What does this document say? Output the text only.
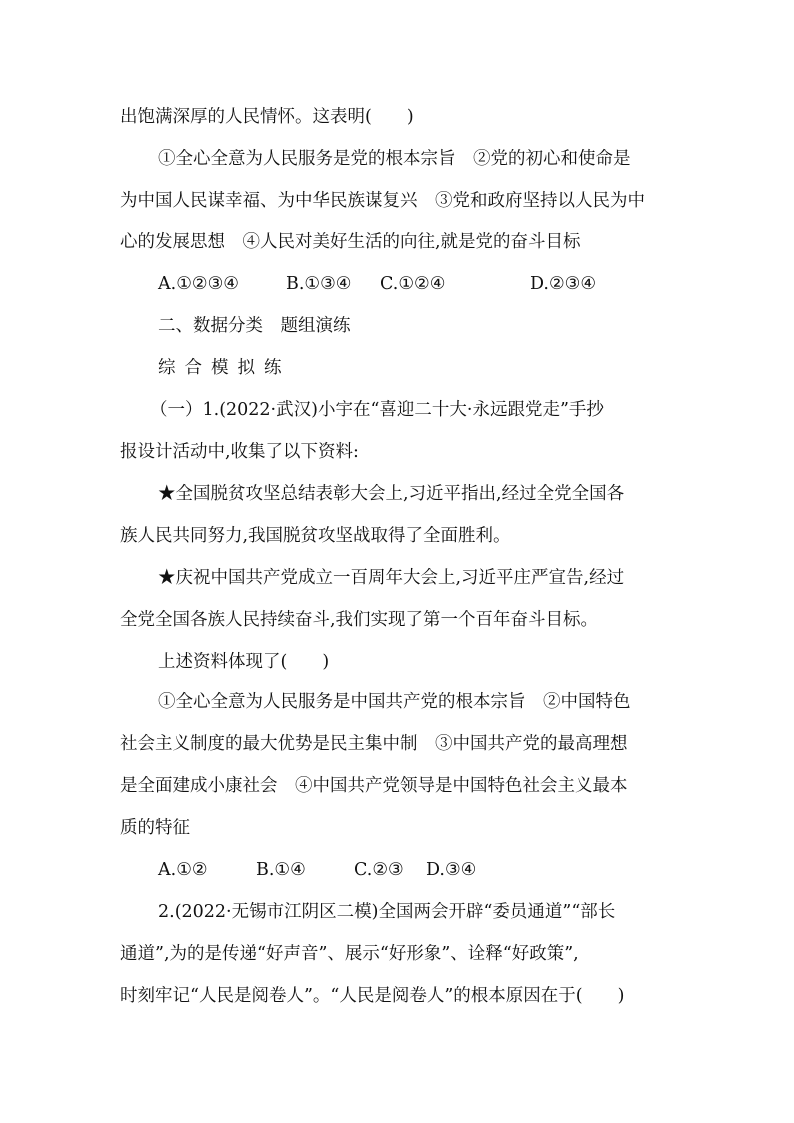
出饱满深厚的人民情怀。这表明(　　)
①全心全意为人民服务是党的根本宗旨　②党的初心和使命是
为中国人民谋幸福、为中华民族谋复兴　③党和政府坚持以人民为中
心的发展思想　④人民对美好生活的向往,就是党的奋斗目标
A.①②③④	B.①③④ C.①②④	D.②③④
二、数据分类　题组演练
综合模拟练
（一）1.(2022·武汉)小宇在“喜迎二十大·永远跟党走”手抄
报设计活动中,收集了以下资料:
★全国脱贫攻坚总结表彰大会上,习近平指出,经过全党全国各
族人民共同努力,我国脱贫攻坚战取得了全面胜利。
★庆祝中国共产党成立一百周年大会上,习近平庄严宣告,经过
全党全国各族人民持续奋斗,我们实现了第一个百年奋斗目标。
上述资料体现了(　　)
①全心全意为人民服务是中国共产党的根本宗旨　②中国特色
社会主义制度的最大优势是民主集中制　③中国共产党的最高理想
是全面建成小康社会　④中国共产党领导是中国特色社会主义最本
质的特征
A.①②	B.①④	C.②③ D.③④
2.(2022·无锡市江阴区二模)全国两会开辟“委员通道”“部长
通道”,为的是传递“好声音”、展示“好形象”、诠释“好政策”,
时刻牢记“人民是阅卷人”。“人民是阅卷人”的根本原因在于(　　)
